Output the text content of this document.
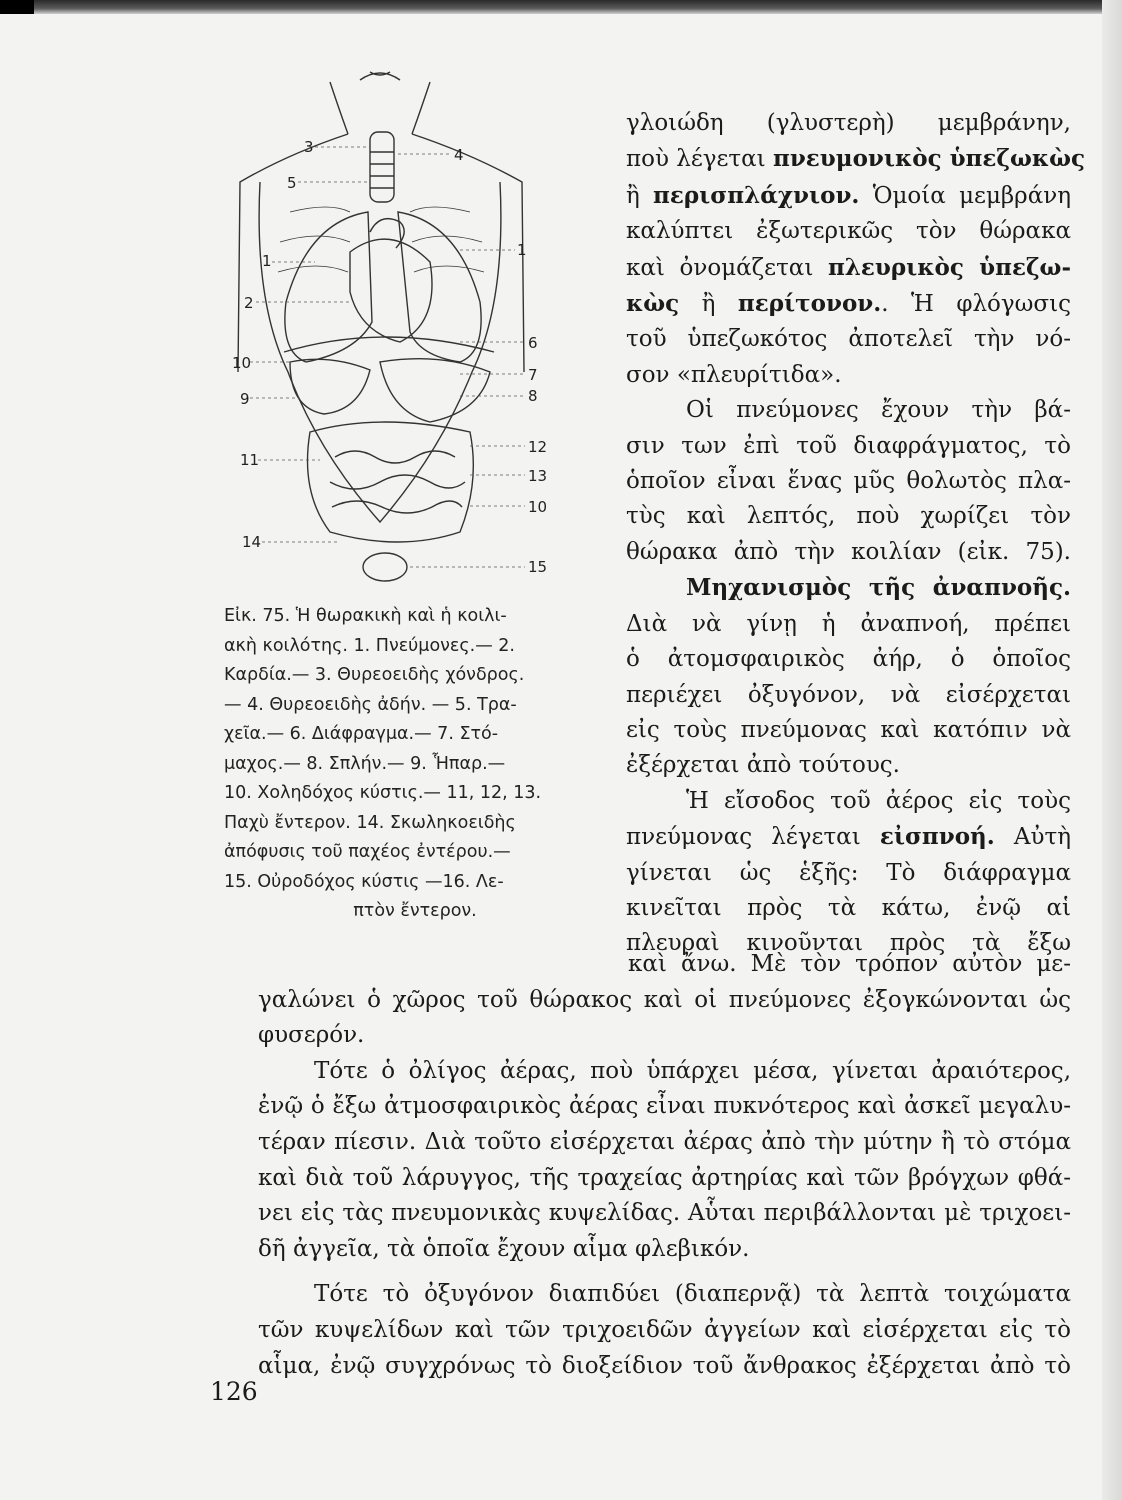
3	4
5
1
1
2
10
6
7
9	8
12
11
13
10
14
15

Εἰκ. 75. Ἡ θωρακικὴ καὶ ἡ κοιλι-
ακὴ κοιλότης. 1. Πνεύμονες.— 2.
Καρδία.— 3. Θυρεοειδὴς χόνδρος.
— 4. Θυρεοειδὴς ἀδήν. — 5. Τρα-
χεῖα.— 6. Διάφραγμα.— 7. Στό-
μαχος.— 8. Σπλήν.— 9. Ἧπαρ.—
10. Χοληδόχος κύστις.— 11, 12, 13.
Παχὺ ἔντερον. 14. Σκωληκοειδὴς
ἀπόφυσις τοῦ παχέος ἐντέρου.—
15. Οὐροδόχος κύστις —16. Λε-
πτὸν ἔντερον.

γλοιώδη (γλυστερὴ) μεμβράνην,
ποὺ λέγεται πνευμονικὸς ὑπεζωκὼς
ἢ περισπλάχνιον. Ὁμοία μεμβράνη
καλύπτει ἐξωτερικῶς τὸν θώρακα
καὶ ὀνομάζεται πλευρικὸς ὑπεζω-
κὼς ἢ περίτονον.. Ἡ φλόγωσις
τοῦ ὑπεζωκότος ἀποτελεῖ τὴν νό-
σον «πλευρίτιδα».
Οἱ πνεύμονες ἔχουν τὴν βά-
σιν των ἐπὶ τοῦ διαφράγματος, τὸ
ὁποῖον εἶναι ἕνας μῦς θολωτὸς πλα-
τὺς καὶ λεπτός, ποὺ χωρίζει τὸν
θώρακα ἀπὸ τὴν κοιλίαν (εἰκ. 75).
Μηχανισμὸς τῆς ἀναπνοῆς.
Διὰ νὰ γίνῃ ἡ ἀναπνοή, πρέπει
ὁ ἀτομσφαιρικὸς ἀήρ, ὁ ὁποῖος
περιέχει ὀξυγόνον, νὰ εἰσέρχεται
εἰς τοὺς πνεύμονας καὶ κατόπιν νὰ
ἐξέρχεται ἀπὸ τούτους.
Ἡ εἴσοδος τοῦ ἀέρος εἰς τοὺς
πνεύμονας λέγεται εἰσπνοή. Αὐτὴ
γίνεται ὡς ἑξῆς: Τὸ διάφραγμα
κινεῖται πρὸς τὰ κάτω, ἐνῷ αἱ
πλευραὶ κινοῦνται πρὸς τὰ ἔξω

καὶ ἄνω. Μὲ τὸν τρόπον αὐτὸν με-
γαλώνει ὁ χῶρος τοῦ θώρακος καὶ οἱ πνεύμονες ἐξογκώνονται ὡς
φυσερόν.
Τότε ὁ ὀλίγος ἀέρας, ποὺ ὑπάρχει μέσα, γίνεται ἀραιότερος,
ἐνῷ ὁ ἔξω ἀτμοσφαιρικὸς ἀέρας εἶναι πυκνότερος καὶ ἀσκεῖ μεγαλυ-
τέραν πίεσιν. Διὰ τοῦτο εἰσέρχεται ἀέρας ἀπὸ τὴν μύτην ἢ τὸ στόμα
καὶ διὰ τοῦ λάρυγγος, τῆς τραχείας ἀρτηρίας καὶ τῶν βρόγχων φθά-
νει εἰς τὰς πνευμονικὰς κυψελίδας. Αὗται περιβάλλονται μὲ τριχοει-
δῆ ἀγγεῖα, τὰ ὁποῖα ἔχουν αἷμα φλεβικόν.
Τότε τὸ ὀξυγόνον διαπιδύει (διαπερνᾷ) τὰ λεπτὰ τοιχώματα
τῶν κυψελίδων καὶ τῶν τριχοειδῶν ἀγγείων καὶ εἰσέρχεται εἰς τὸ
αἷμα, ἐνῷ συγχρόνως τὸ διοξείδιον τοῦ ἄνθρακος ἐξέρχεται ἀπὸ τὸ

126
